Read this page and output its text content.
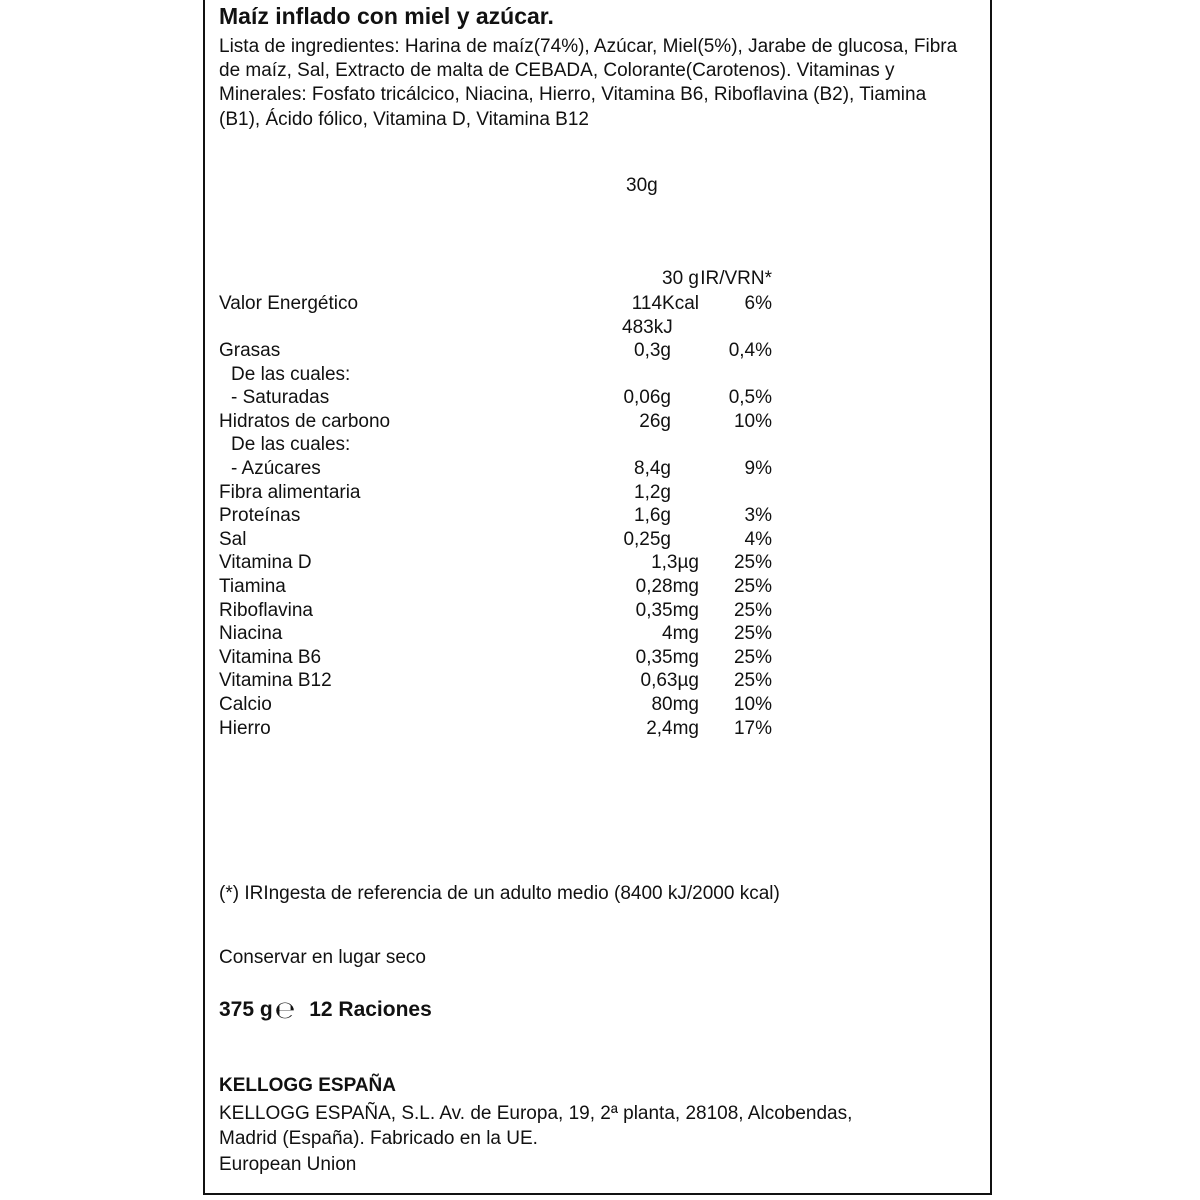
Maíz inflado con miel y azúcar.
Lista de ingredientes: Harina de maíz(74%), Azúcar, Miel(5%), Jarabe de glucosa, Fibra de maíz, Sal, Extracto de malta de CEBADA, Colorante(Carotenos). Vitaminas y Minerales: Fosfato tricálcico, Niacina, Hierro, Vitamina B6, Riboflavina (B2), Tiamina (B1), Ácido fólico, Vitamina D, Vitamina B12
30g
30 g IR/VRN*
Valor Energético	114Kcal	6%
483kJ
Grasas	0,3g	0,4%
De las cuales:
- Saturadas	0,06g	0,5%
Hidratos de carbono	26g	10%
De las cuales:
- Azúcares	8,4g	9%
Fibra alimentaria	1,2g
Proteínas	1,6g	3%
Sal	0,25g	4%
Vitamina D	1,3µg	25%
Tiamina	0,28mg	25%
Riboflavina	0,35mg	25%
Niacina	4mg	25%
Vitamina B6	0,35mg	25%
Vitamina B12	0,63µg	25%
Calcio	80mg	10%
Hierro	2,4mg	17%
(*) IRIngesta de referencia de un adulto medio (8400 kJ/2000 kcal)
Conservar en lugar seco
375 g ℮ 12 Raciones
KELLOGG ESPAÑA
KELLOGG ESPAÑA, S.L. Av. de Europa, 19, 2ª planta, 28108, Alcobendas,
Madrid (España). Fabricado en la UE.
European Union
